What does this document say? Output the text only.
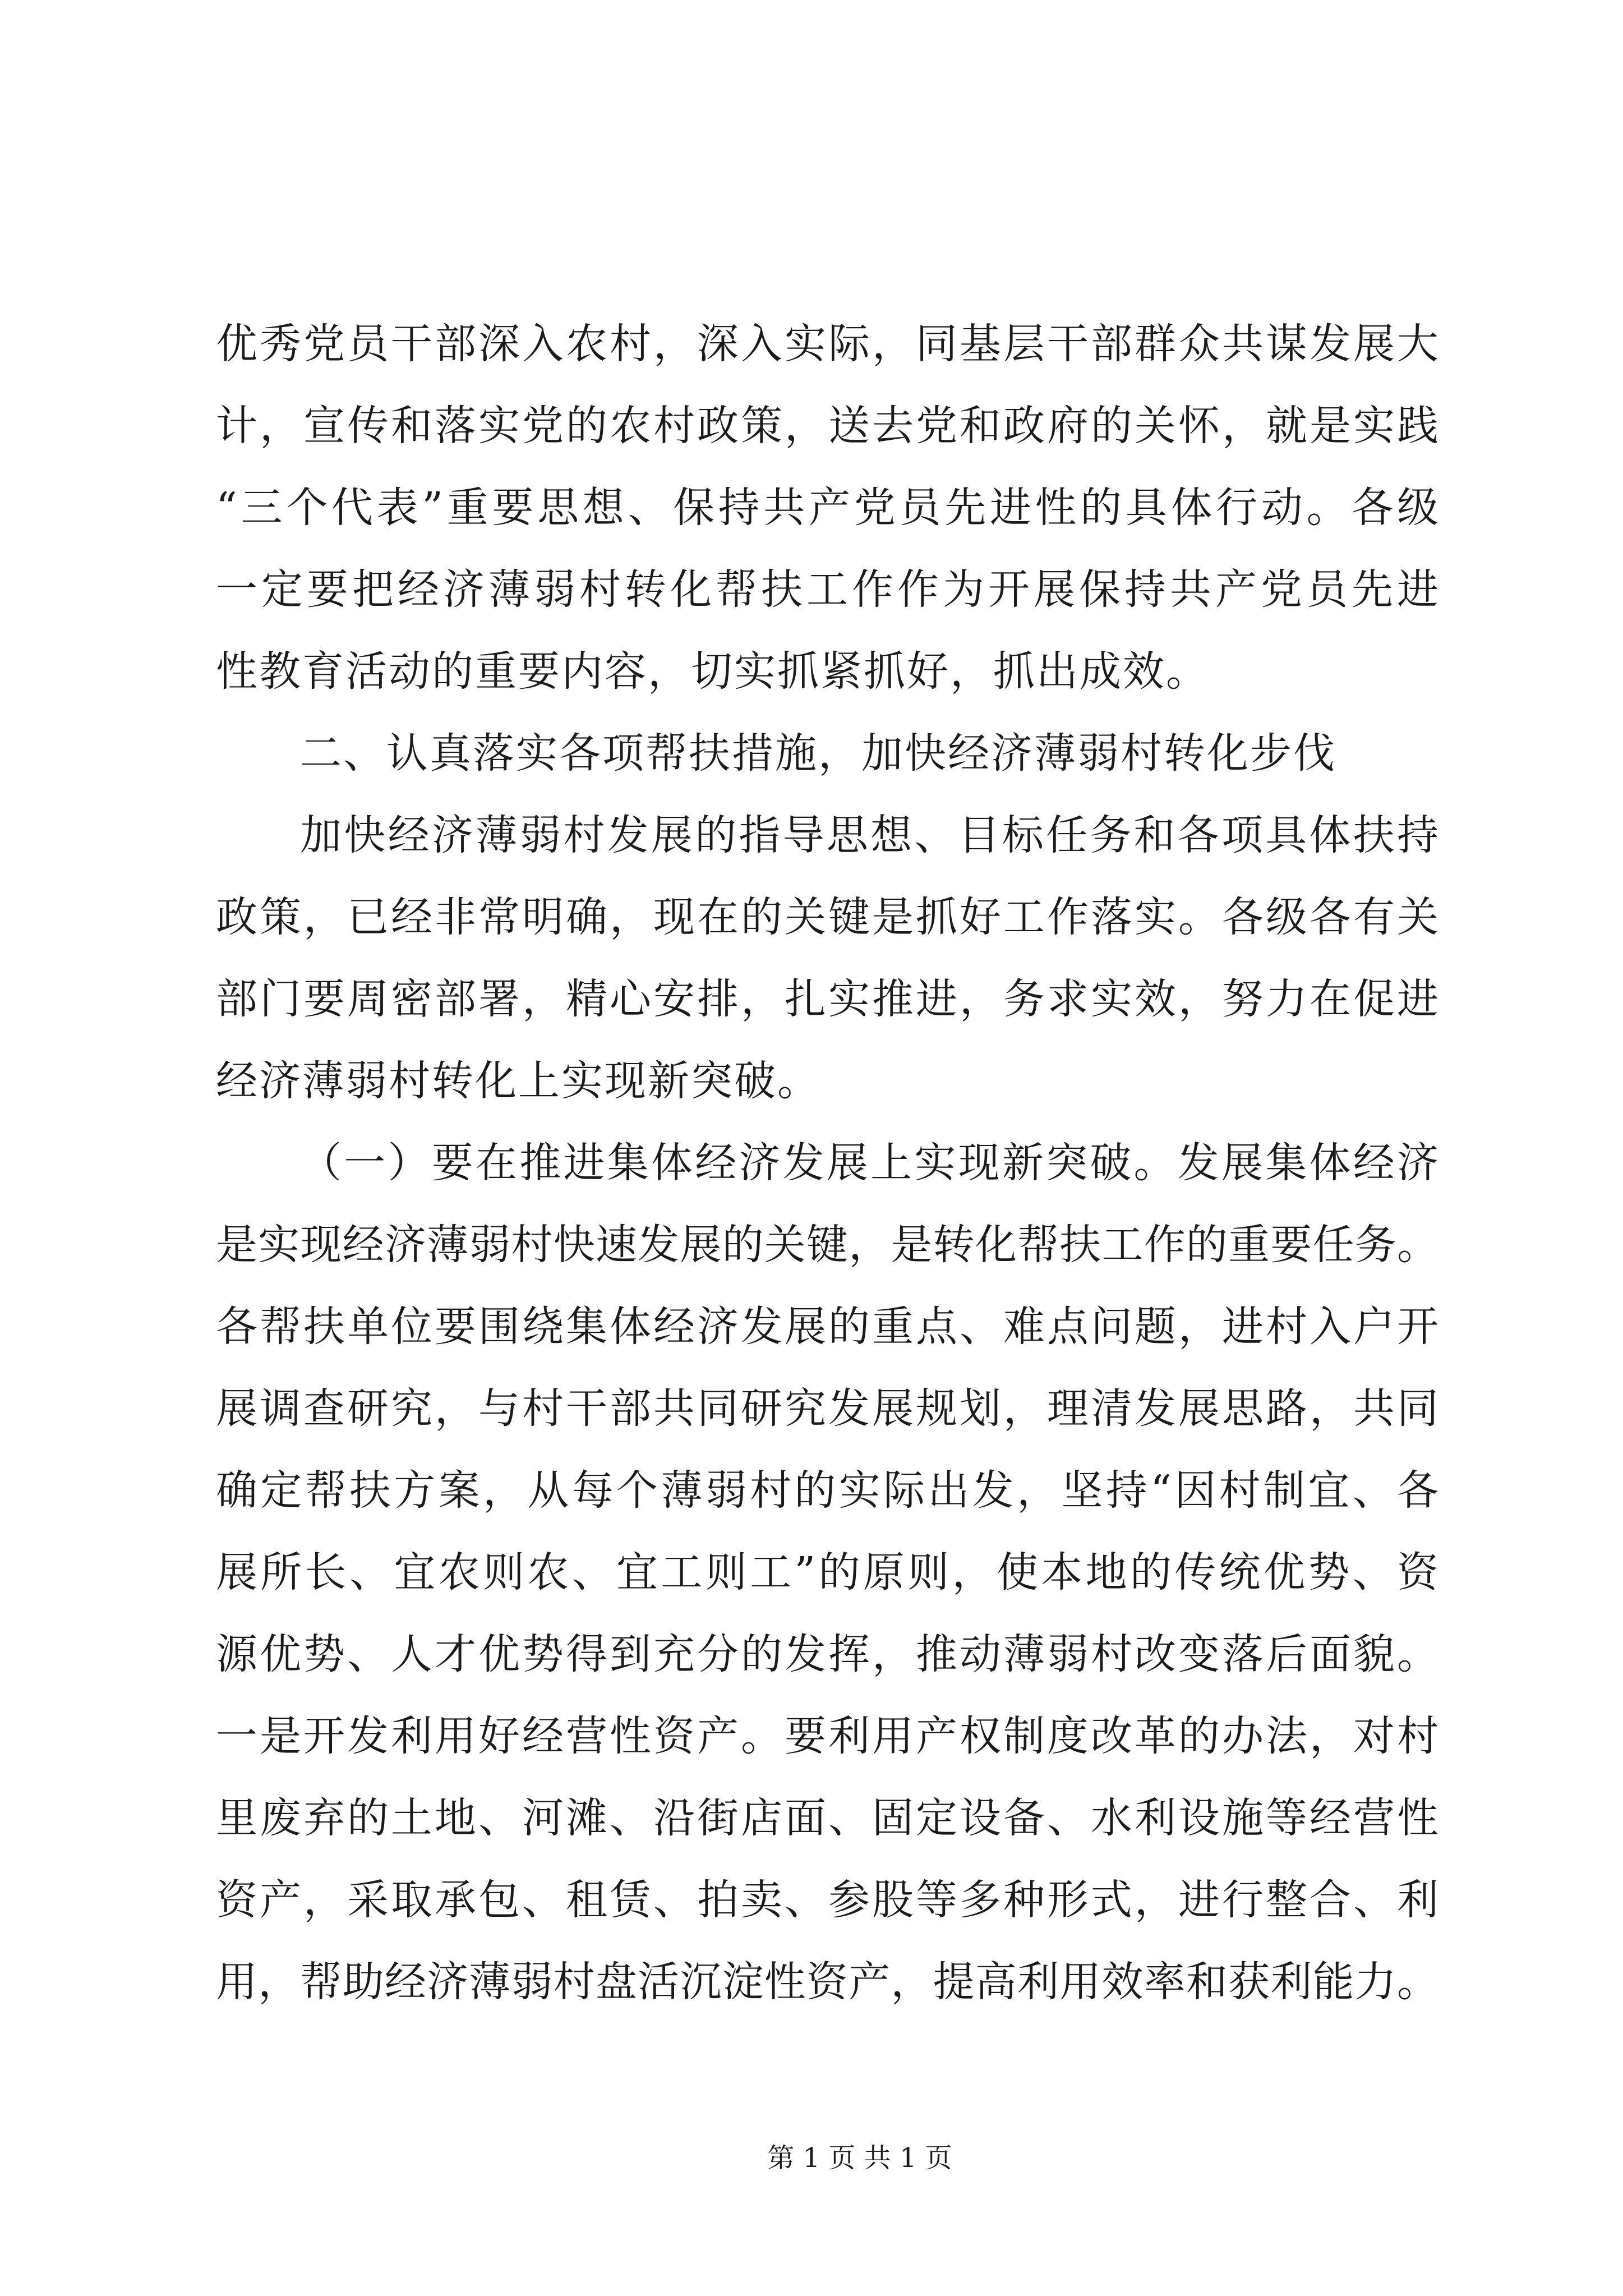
优秀党员干部深入农村，深入实际，同基层干部群众共谋发展大
计，宣传和落实党的农村政策，送去党和政府的关怀，就是实践
“三个代表”重要思想、保持共产党员先进性的具体行动。各级
一定要把经济薄弱村转化帮扶工作作为开展保持共产党员先进
性教育活动的重要内容，切实抓紧抓好，抓出成效。
二、认真落实各项帮扶措施，加快经济薄弱村转化步伐
加快经济薄弱村发展的指导思想、目标任务和各项具体扶持
政策，已经非常明确，现在的关键是抓好工作落实。各级各有关
部门要周密部署，精心安排，扎实推进，务求实效，努力在促进
经济薄弱村转化上实现新突破。
（一）要在推进集体经济发展上实现新突破。发展集体经济
是实现经济薄弱村快速发展的关键，是转化帮扶工作的重要任务。
各帮扶单位要围绕集体经济发展的重点、难点问题，进村入户开
展调查研究，与村干部共同研究发展规划，理清发展思路，共同
确定帮扶方案，从每个薄弱村的实际出发，坚持“因村制宜、各
展所长、宜农则农、宜工则工”的原则，使本地的传统优势、资
源优势、人才优势得到充分的发挥，推动薄弱村改变落后面貌。
一是开发利用好经营性资产。要利用产权制度改革的办法，对村
里废弃的土地、河滩、沿街店面、固定设备、水利设施等经营性
资产，采取承包、租赁、拍卖、参股等多种形式，进行整合、利
用，帮助经济薄弱村盘活沉淀性资产，提高利用效率和获利能力。
第 1 页 共 1 页
